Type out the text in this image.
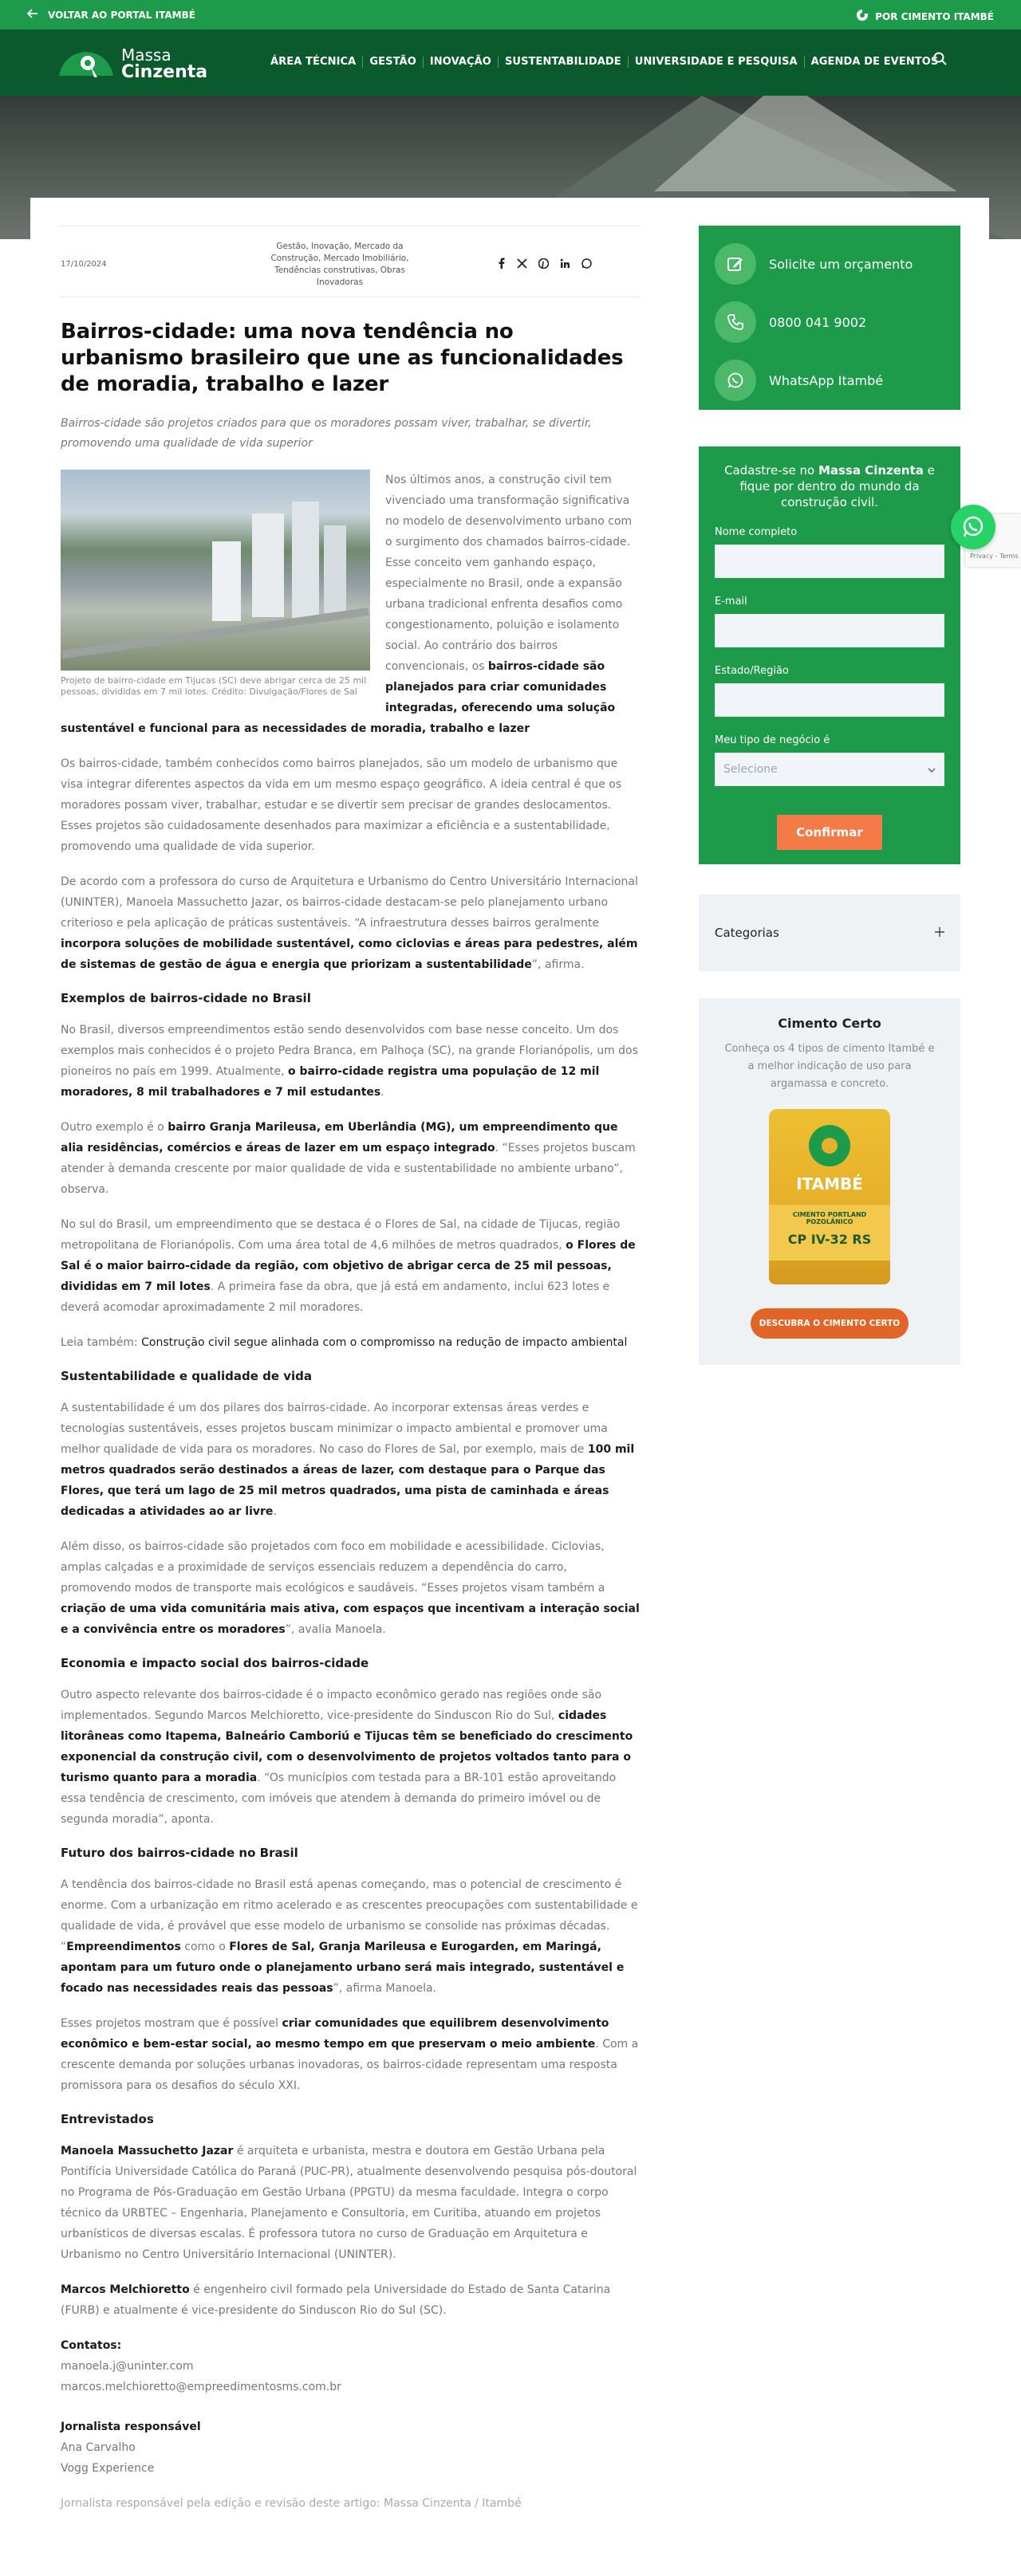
VOLTAR AO PORTAL ITAMBÉ	POR CIMENTO ITAMBÉ
Massa
Cinzenta
ÁREA TÉCNICA	GESTÃO	INOVAÇÃO	SUSTENTABILIDADE	UNIVERSIDADE E PESQUISA	AGENDA DE EVENTOS
17/10/2024
Gestão, Inovação, Mercado da Construção, Mercado Imobiliário, Tendências construtivas, Obras Inovadoras
Bairros-cidade: uma nova tendência no urbanismo brasileiro que une as funcionalidades de moradia, trabalho e lazer
Bairros-cidade são projetos criados para que os moradores possam viver, trabalhar, se divertir, promovendo uma qualidade de vida superior
Projeto de bairro-cidade em Tijucas (SC) deve abrigar cerca de 25 mil pessoas, divididas em 7 mil lotes. Crédito: Divulgação/Flores de Sal

Nos últimos anos, a construção civil tem vivenciado uma transformação significativa no modelo de desenvolvimento urbano com o surgimento dos chamados bairros-cidade. Esse conceito vem ganhando espaço, especialmente no Brasil, onde a expansão urbana tradicional enfrenta desafios como congestionamento, poluição e isolamento social. Ao contrário dos bairros convencionais, os bairros-cidade são planejados para criar comunidades integradas, oferecendo uma solução sustentável e funcional para as necessidades de moradia, trabalho e lazer

Os bairros-cidade, também conhecidos como bairros planejados, são um modelo de urbanismo que visa integrar diferentes aspectos da vida em um mesmo espaço geográfico. A ideia central é que os moradores possam viver, trabalhar, estudar e se divertir sem precisar de grandes deslocamentos. Esses projetos são cuidadosamente desenhados para maximizar a eficiência e a sustentabilidade, promovendo uma qualidade de vida superior.

De acordo com a professora do curso de Arquitetura e Urbanismo do Centro Universitário Internacional (UNINTER), Manoela Massuchetto Jazar, os bairros-cidade destacam-se pelo planejamento urbano criterioso e pela aplicação de práticas sustentáveis. “A infraestrutura desses bairros geralmente incorpora soluções de mobilidade sustentável, como ciclovias e áreas para pedestres, além de sistemas de gestão de água e energia que priorizam a sustentabilidade”, afirma.

Exemplos de bairros-cidade no Brasil

No Brasil, diversos empreendimentos estão sendo desenvolvidos com base nesse conceito. Um dos exemplos mais conhecidos é o projeto Pedra Branca, em Palhoça (SC), na grande Florianópolis, um dos pioneiros no país em 1999. Atualmente, o bairro-cidade registra uma população de 12 mil moradores, 8 mil trabalhadores e 7 mil estudantes.

Outro exemplo é o bairro Granja Marileusa, em Uberlândia (MG), um empreendimento que alia residências, comércios e áreas de lazer em um espaço integrado. “Esses projetos buscam atender à demanda crescente por maior qualidade de vida e sustentabilidade no ambiente urbano”, observa.

No sul do Brasil, um empreendimento que se destaca é o Flores de Sal, na cidade de Tijucas, região metropolitana de Florianópolis. Com uma área total de 4,6 milhões de metros quadrados, o Flores de Sal é o maior bairro-cidade da região, com objetivo de abrigar cerca de 25 mil pessoas, divididas em 7 mil lotes. A primeira fase da obra, que já está em andamento, inclui 623 lotes e deverá acomodar aproximadamente 2 mil moradores.

Leia também: Construção civil segue alinhada com o compromisso na redução de impacto ambiental

Sustentabilidade e qualidade de vida

A sustentabilidade é um dos pilares dos bairros-cidade. Ao incorporar extensas áreas verdes e tecnologias sustentáveis, esses projetos buscam minimizar o impacto ambiental e promover uma melhor qualidade de vida para os moradores. No caso do Flores de Sal, por exemplo, mais de 100 mil metros quadrados serão destinados a áreas de lazer, com destaque para o Parque das Flores, que terá um lago de 25 mil metros quadrados, uma pista de caminhada e áreas dedicadas a atividades ao ar livre.

Além disso, os bairros-cidade são projetados com foco em mobilidade e acessibilidade. Ciclovias, amplas calçadas e a proximidade de serviços essenciais reduzem a dependência do carro, promovendo modos de transporte mais ecológicos e saudáveis. “Esses projetos visam também a criação de uma vida comunitária mais ativa, com espaços que incentivam a interação social e a convivência entre os moradores”, avalia Manoela.

Economia e impacto social dos bairros-cidade

Outro aspecto relevante dos bairros-cidade é o impacto econômico gerado nas regiões onde são implementados. Segundo Marcos Melchioretto, vice-presidente do Sinduscon Rio do Sul, cidades litorâneas como Itapema, Balneário Camboriú e Tijucas têm se beneficiado do crescimento exponencial da construção civil, com o desenvolvimento de projetos voltados tanto para o turismo quanto para a moradia. “Os municípios com testada para a BR-101 estão aproveitando essa tendência de crescimento, com imóveis que atendem à demanda do primeiro imóvel ou de segunda moradia”, aponta.

Futuro dos bairros-cidade no Brasil

A tendência dos bairros-cidade no Brasil está apenas começando, mas o potencial de crescimento é enorme. Com a urbanização em ritmo acelerado e as crescentes preocupações com sustentabilidade e qualidade de vida, é provável que esse modelo de urbanismo se consolide nas próximas décadas. “Empreendimentos como o Flores de Sal, Granja Marileusa e Eurogarden, em Maringá, apontam para um futuro onde o planejamento urbano será mais integrado, sustentável e focado nas necessidades reais das pessoas”, afirma Manoela.

Esses projetos mostram que é possível criar comunidades que equilibrem desenvolvimento econômico e bem-estar social, ao mesmo tempo em que preservam o meio ambiente. Com a crescente demanda por soluções urbanas inovadoras, os bairros-cidade representam uma resposta promissora para os desafios do século XXI.

Entrevistados

Manoela Massuchetto Jazar é arquiteta e urbanista, mestra e doutora em Gestão Urbana pela Pontifícia Universidade Católica do Paraná (PUC-PR), atualmente desenvolvendo pesquisa pós-doutoral no Programa de Pós-Graduação em Gestão Urbana (PPGTU) da mesma faculdade. Integra o corpo técnico da URBTEC – Engenharia, Planejamento e Consultoria, em Curitiba, atuando em projetos urbanísticos de diversas escalas. É professora tutora no curso de Graduação em Arquitetura e Urbanismo no Centro Universitário Internacional (UNINTER).

Marcos Melchioretto é engenheiro civil formado pela Universidade do Estado de Santa Catarina (FURB) e atualmente é vice-presidente do Sinduscon Rio do Sul (SC).

Contatos:
manoela.j@uninter.com
marcos.melchioretto@empreedimentosms.com.br
Jornalista responsável
Ana Carvalho
Vogg Experience
Jornalista responsável pela edição e revisão deste artigo: Massa Cinzenta / Itambé
Solicite um orçamento
0800 041 9002
WhatsApp Itambé
Cadastre-se no Massa Cinzenta e fique por dentro do mundo da construção civil.
Nome completo
E-mail
Estado/Região
Meu tipo de negócio é
Selecione
Confirmar
Categorias
Cimento Certo
Conheça os 4 tipos de cimento Itambé e a melhor indicação de uso para argamassa e concreto.
ITAMBÉ
CIMENTO PORTLAND
POZOLÂNICO
CP IV-32 RS
DESCUBRA O CIMENTO CERTO
Privacy - Terms
